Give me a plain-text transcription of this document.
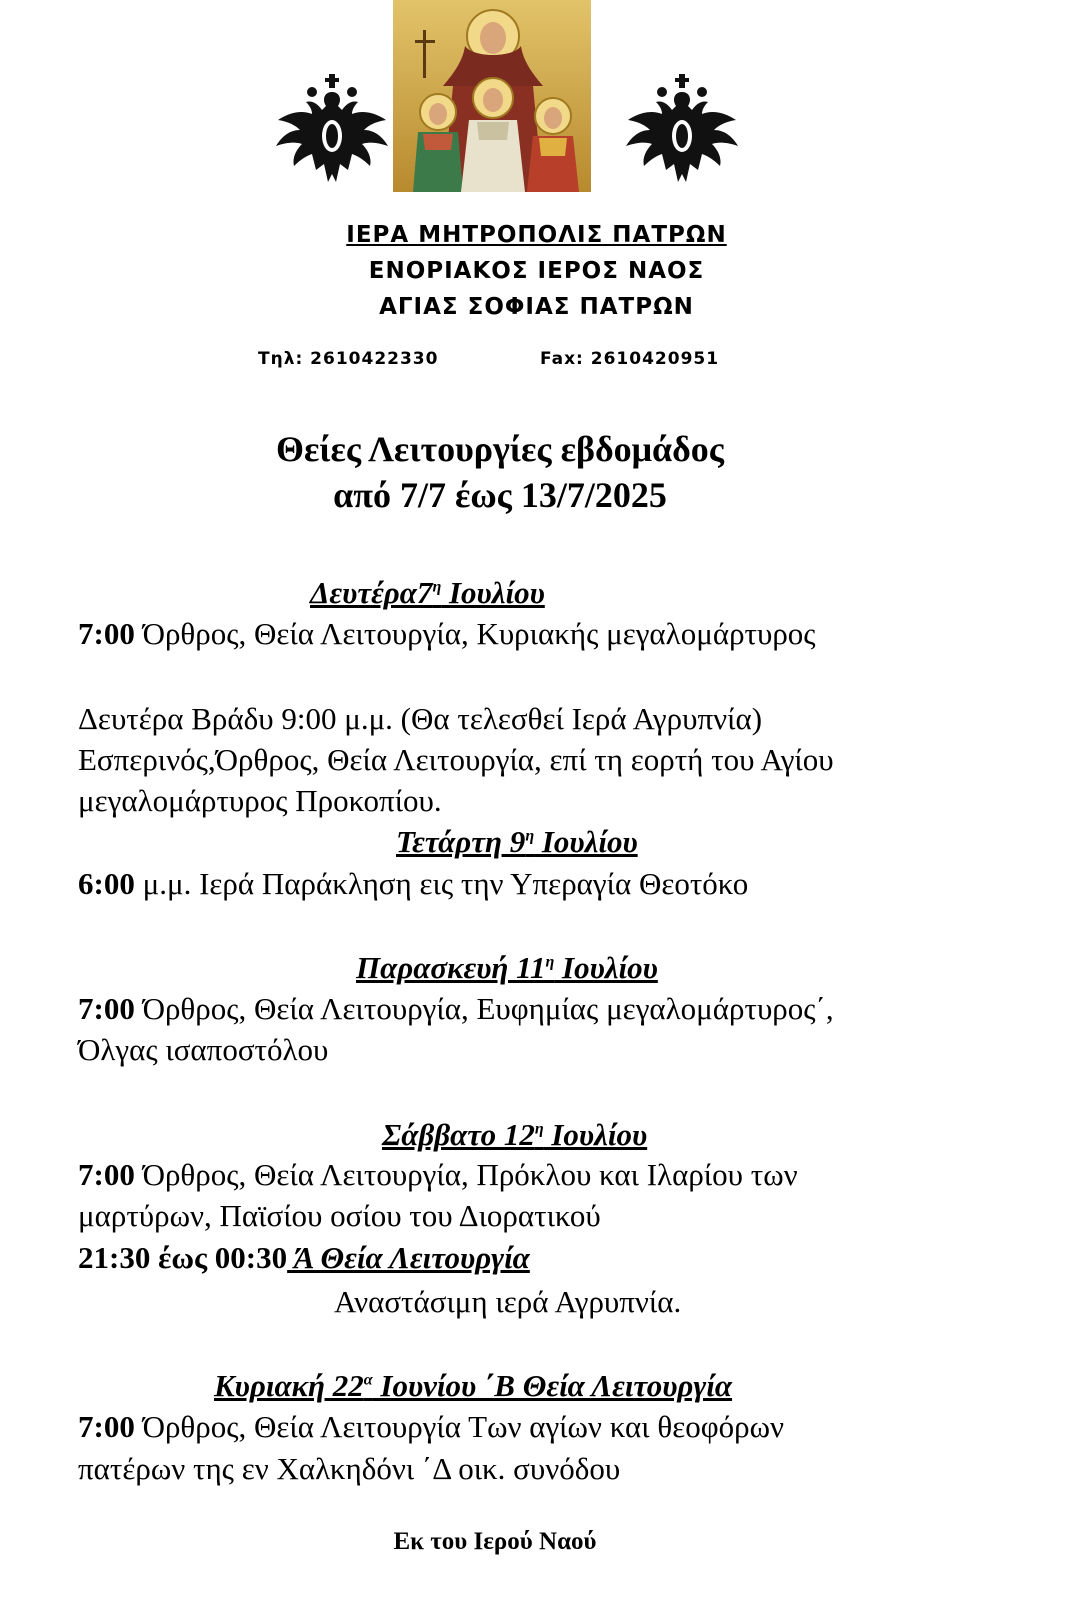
ΙΕΡΑ ΜΗΤΡΟΠΟΛΙΣ ΠΑΤΡΩΝ
ΕΝΟΡΙΑΚΟΣ ΙΕΡΟΣ ΝΑΟΣ
ΑΓΙΑΣ ΣΟΦΙΑΣ ΠΑΤΡΩΝ
Τηλ: 2610422330	Fax: 2610420951
Θείες Λειτουργίες εβδομάδος
από 7/7 έως 13/7/2025
$\Delta\varepsilon\upsilon\tau έ\rho\alpha 7^\eta$ Ιουλίου
7:00 Όρθρος, Θεία Λειτουργία, Κυριακής μεγαλομάρτυρος
Δευτέρα Βράδυ 9:00 μ.μ. (Θα τελεσθεί Ιερά Αγρυπνία)
Εσπερινός,Όρθρος, Θεία Λειτουργία, επί τη εορτή του Αγίου
μεγαλομάρτυρος Προκοπίου.
Τετάρτη $9^\eta$ Ιουλίου
6:00 μ.μ. Ιερά Παράκληση εις την Υπεραγία Θεοτόκο
Παρασκευή $11^\eta$ Ιουλίου
7:00 Όρθρος, Θεία Λειτουργία, Ευφημίας μεγαλομάρτυρος΄,
Όλγας ισαποστόλου
Σάββατο $12^\eta$ Ιουλίου
7:00 Όρθρος, Θεία Λειτουργία, Πρόκλου και Ιλαρίου των
μαρτύρων, Παϊσίου οσίου του Διορατικού
21:30 έως 00:30 Ά Θεία Λειτουργία
Αναστάσιμη ιερά Αγρυπνία.
Κυριακή $22^\alpha$ Ιουνίου ΄Β Θεία Λειτουργία
7:00 Όρθρος, Θεία Λειτουργία Των αγίων και θεοφόρων
πατέρων της εν Χαλκηδόνι ΄Δ οικ. συνόδου
Εκ του Ιερού Ναού
